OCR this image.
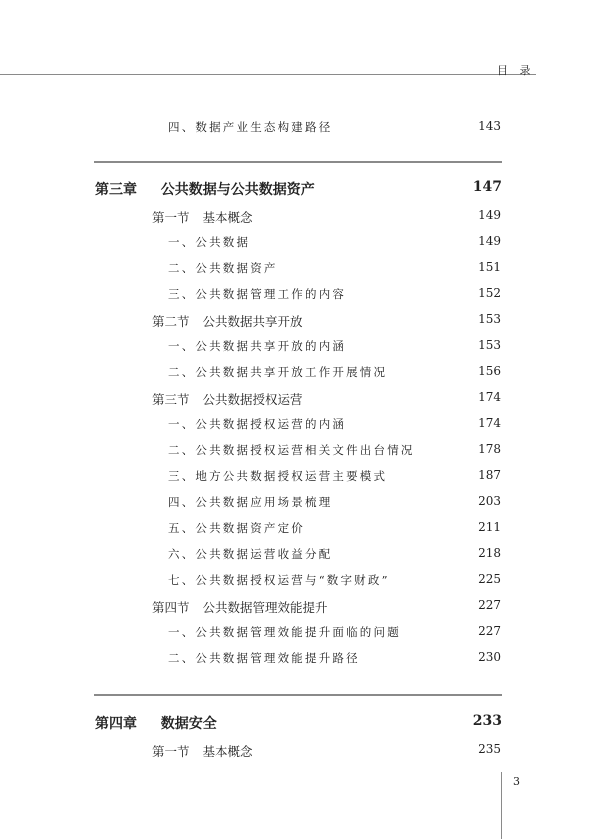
目 录
四、数据产业生态构建路径	143
第三章 公共数据与公共数据资产	147
第一节 基本概念	149
一、公共数据	149
二、公共数据资产	151
三、公共数据管理工作的内容	152
第二节 公共数据共享开放	153
一、公共数据共享开放的内涵	153
二、公共数据共享开放工作开展情况	156
第三节 公共数据授权运营	174
一、公共数据授权运营的内涵	174
二、公共数据授权运营相关文件出台情况	178
三、地方公共数据授权运营主要模式	187
四、公共数据应用场景梳理	203
五、公共数据资产定价	211
六、公共数据运营收益分配	218
七、公共数据授权运营与“数字财政”	225
第四节 公共数据管理效能提升	227
一、公共数据管理效能提升面临的问题	227
二、公共数据管理效能提升路径	230
第四章 数据安全	233
第一节 基本概念	235
3
